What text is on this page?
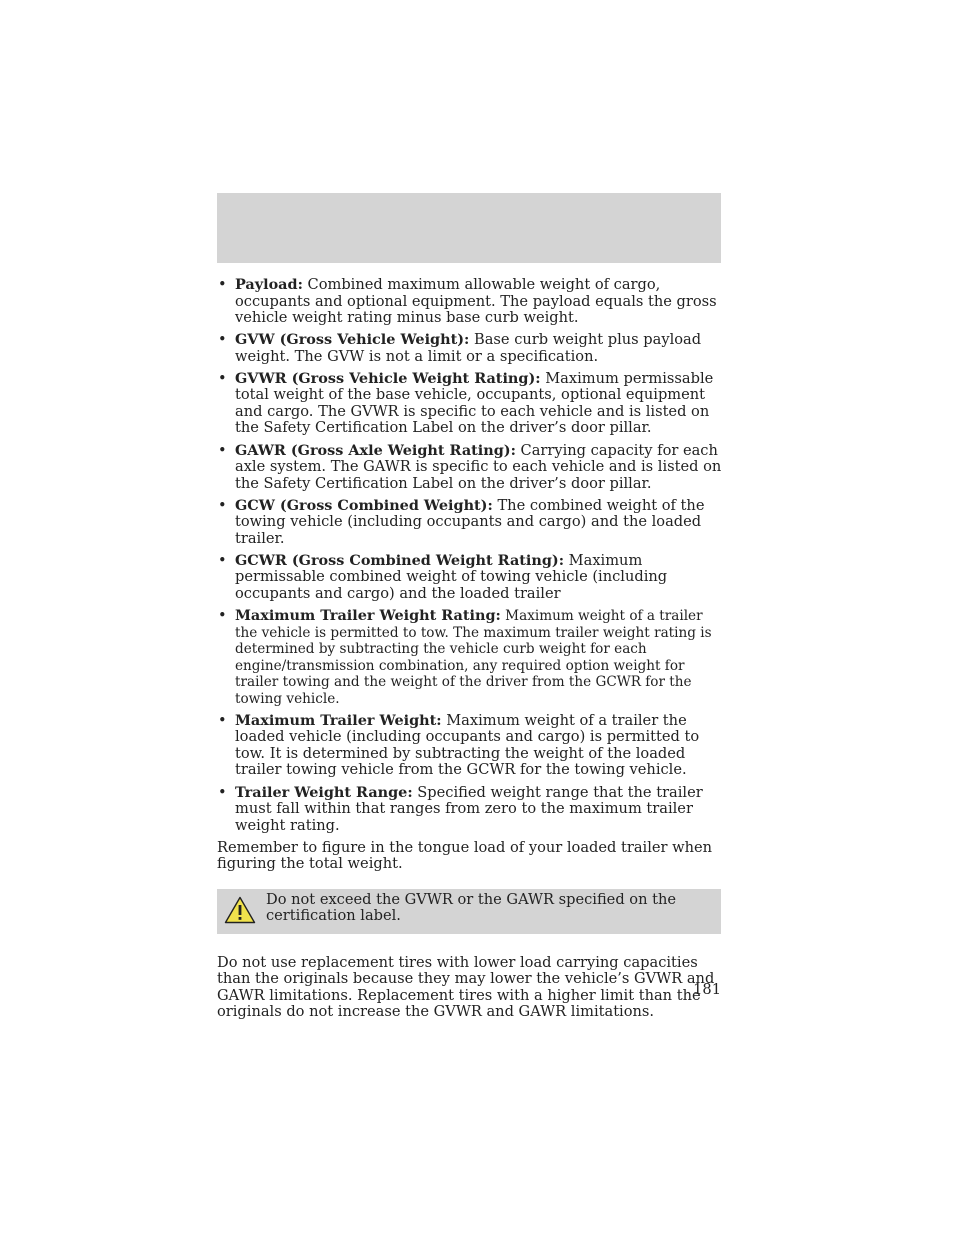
• Payload: Combined maximum allowable weight of cargo, occupants and optional equipment. The payload equals the gross vehicle weight rating minus base curb weight.
• GVW (Gross Vehicle Weight): Base curb weight plus payload weight. The GVW is not a limit or a specification.
• GVWR (Gross Vehicle Weight Rating): Maximum permissable total weight of the base vehicle, occupants, optional equipment and cargo. The GVWR is specific to each vehicle and is listed on the Safety Certification Label on the driver’s door pillar.
• GAWR (Gross Axle Weight Rating): Carrying capacity for each axle system. The GAWR is specific to each vehicle and is listed on the Safety Certification Label on the driver’s door pillar.
• GCW (Gross Combined Weight): The combined weight of the towing vehicle (including occupants and cargo) and the loaded trailer.
• GCWR (Gross Combined Weight Rating): Maximum permissable combined weight of towing vehicle (including occupants and cargo) and the loaded trailer
• Maximum Trailer Weight Rating: Maximum weight of a trailer the vehicle is permitted to tow. The maximum trailer weight rating is determined by subtracting the vehicle curb weight for each engine/transmission combination, any required option weight for trailer towing and the weight of the driver from the GCWR for the towing vehicle.
• Maximum Trailer Weight: Maximum weight of a trailer the loaded vehicle (including occupants and cargo) is permitted to tow. It is determined by subtracting the weight of the loaded trailer towing vehicle from the GCWR for the towing vehicle.
• Trailer Weight Range: Specified weight range that the trailer must fall within that ranges from zero to the maximum trailer weight rating.

Remember to figure in the tongue load of your loaded trailer when figuring the total weight.

Do not exceed the GVWR or the GAWR specified on the certification label.

Do not use replacement tires with lower load carrying capacities than the originals because they may lower the vehicle’s GVWR and GAWR limitations. Replacement tires with a higher limit than the originals do not increase the GVWR and GAWR limitations.

181
